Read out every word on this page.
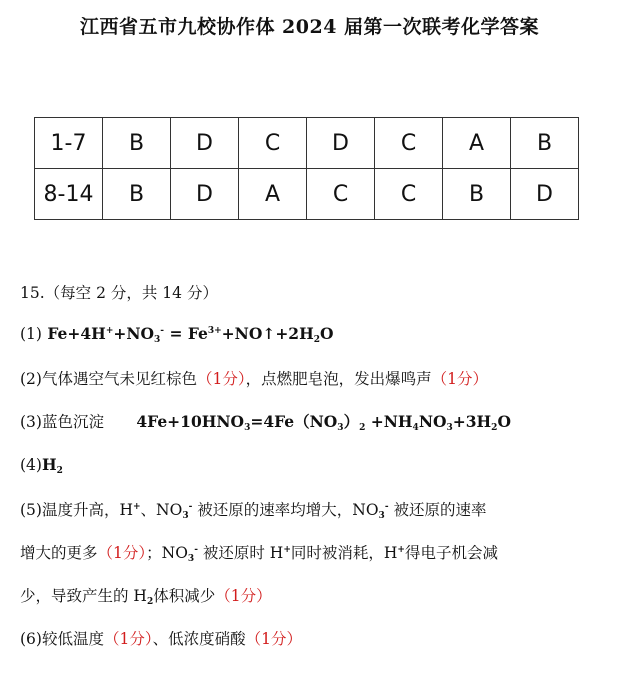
江西省五市九校协作体 2024 届第一次联考化学答案
1-7	B	D	C	D	C	A	B
8-14	B	D	A	C	C	B	D
15.（每空 2 分，共 14 分）
(1) $Fe+4H^++NO_3^-$ = $Fe^{3+}+NO↑+2H_2O$
(2)气体遇空气未见红棕色（1分），点燃肥皂泡，发出爆鸣声（1分）
(3)蓝色沉淀 $4Fe+10HNO_3=4Fe(NO_3)_2 +NH_4NO_3+3H_2O$
$(4)H_2$
(5)温度升高，H+、$NO_3^-$ 被还原的速率均增大，$NO_3^-$ 被还原的速率
增大的更多（1分）；$NO_3^-$ 被还原时 H+同时被消耗，H+得电子机会减
少，导致产生的 $H_2$体积减少（1分）
(6)较低温度（1分）、低浓度硝酸（1分）
